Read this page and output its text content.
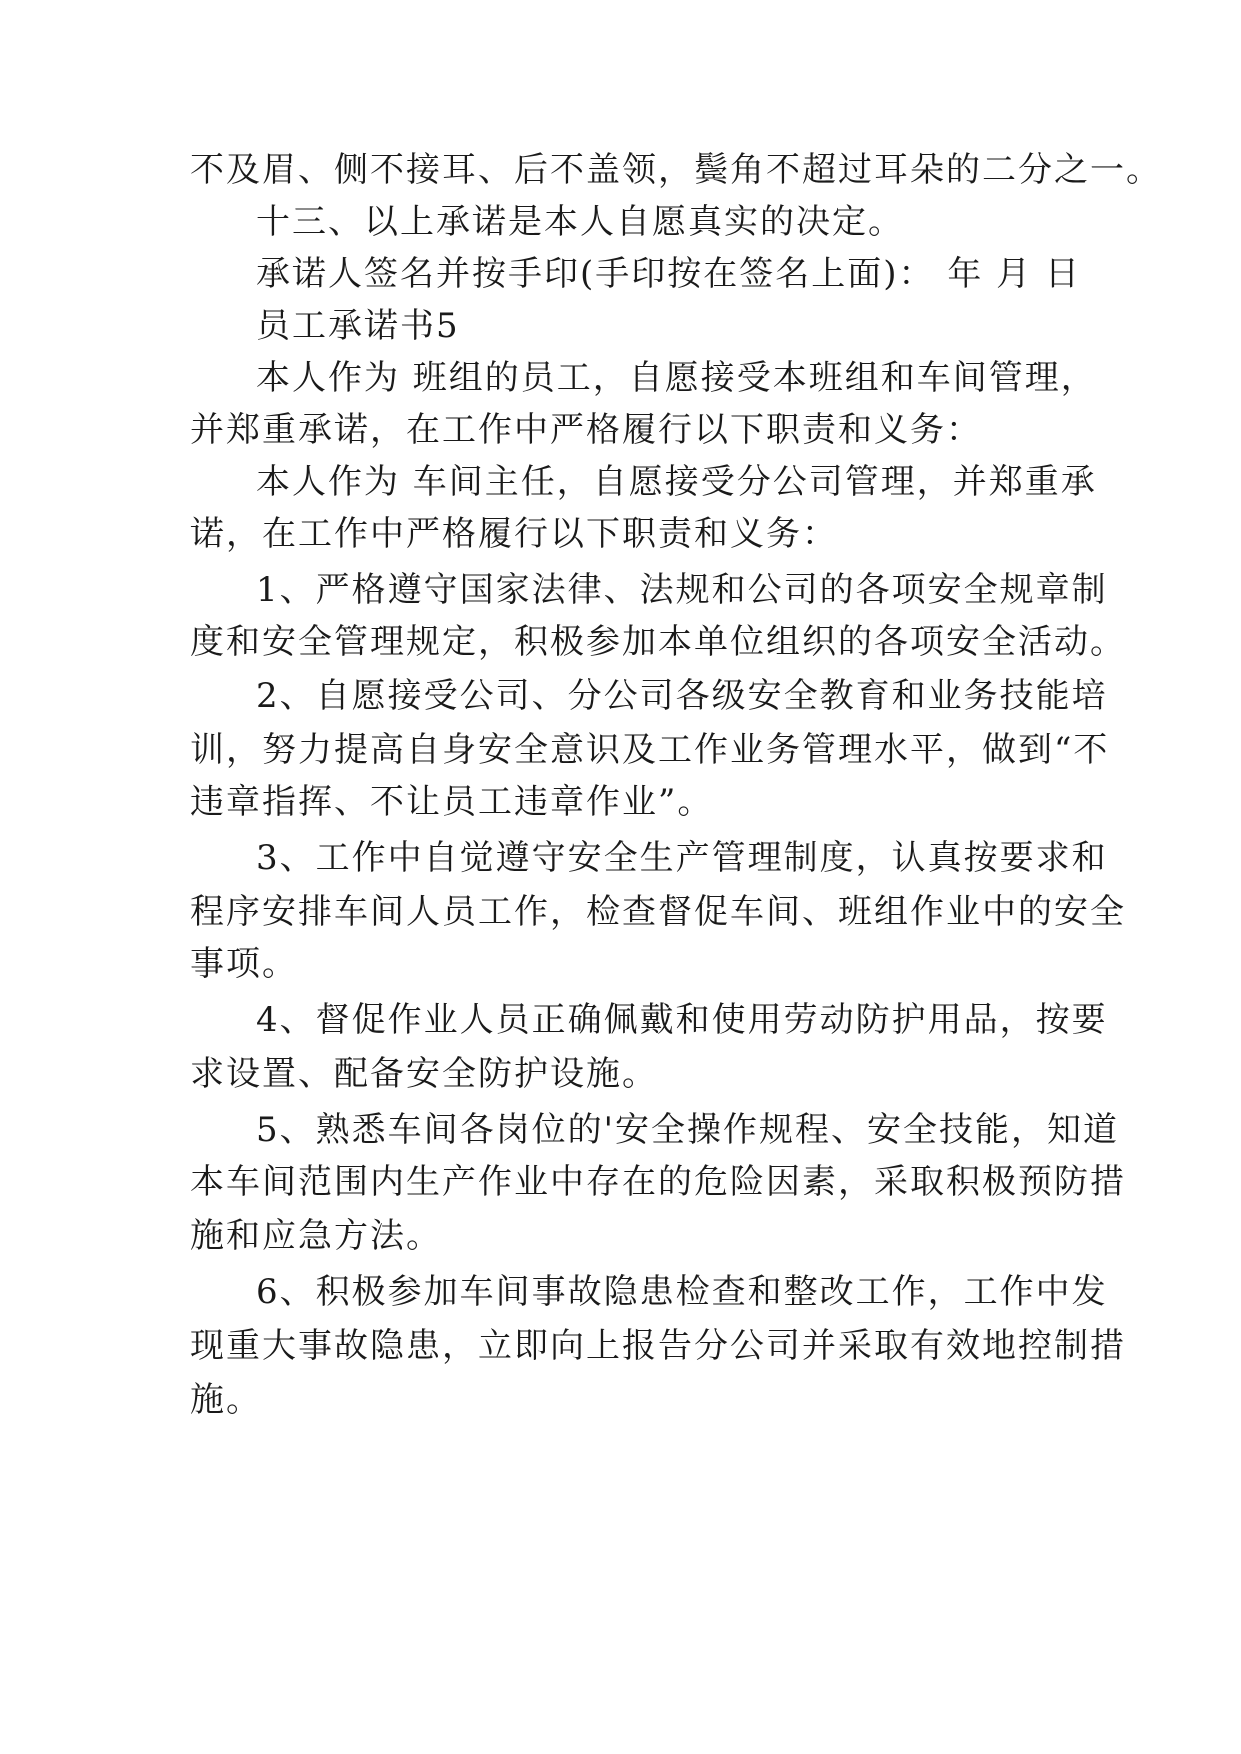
不及眉、侧不接耳、后不盖领，鬓角不超过耳朵的二分之一。
十三、以上承诺是本人自愿真实的决定。
承诺人签名并按手印(手印按在签名上面)： 年 月 日
员工承诺书5
本人作为 班组的员工，自愿接受本班组和车间管理，
并郑重承诺，在工作中严格履行以下职责和义务：
本人作为 车间主任，自愿接受分公司管理，并郑重承
诺，在工作中严格履行以下职责和义务：
1、严格遵守国家法律、法规和公司的各项安全规章制
度和安全管理规定，积极参加本单位组织的各项安全活动。
2、自愿接受公司、分公司各级安全教育和业务技能培
训，努力提高自身安全意识及工作业务管理水平，做到“不
违章指挥、不让员工违章作业”。
3、工作中自觉遵守安全生产管理制度，认真按要求和
程序安排车间人员工作，检查督促车间、班组作业中的安全
事项。
4、督促作业人员正确佩戴和使用劳动防护用品，按要
求设置、配备安全防护设施。
5、熟悉车间各岗位的'安全操作规程、安全技能，知道
本车间范围内生产作业中存在的危险因素，采取积极预防措
施和应急方法。
6、积极参加车间事故隐患检查和整改工作，工作中发
现重大事故隐患，立即向上报告分公司并采取有效地控制措
施。
